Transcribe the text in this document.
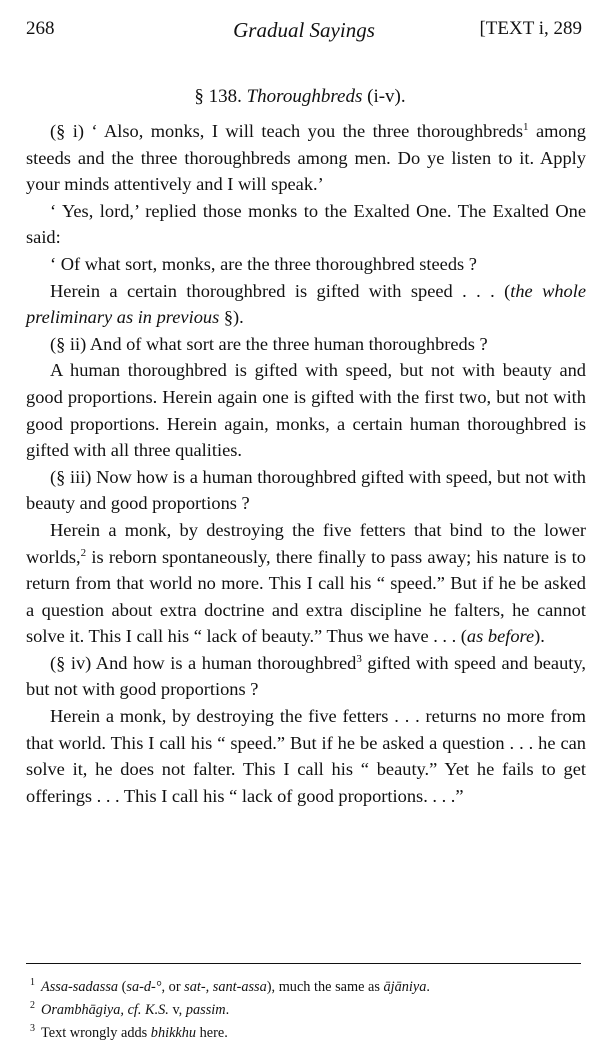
268	Gradual Sayings	[TEXT i, 289
§ 138. Thoroughbreds (i-v).

(§ i) ‘ Also, monks, I will teach you the three thoroughbreds$^1$ among steeds and the three thoroughbreds among men. Do ye listen to it. Apply your minds attentively and I will speak.’

‘ Yes, lord,’ replied those monks to the Exalted One. The Exalted One said:

‘ Of what sort, monks, are the three thoroughbred steeds ?

Herein a certain thoroughbred is gifted with speed . . . (the whole preliminary as in previous §).

(§ ii) And of what sort are the three human thoroughbreds ?

A human thoroughbred is gifted with speed, but not with beauty and good proportions. Herein again one is gifted with the first two, but not with good proportions. Herein again, monks, a certain human thoroughbred is gifted with all three qualities.

(§ iii) Now how is a human thoroughbred gifted with speed, but not with beauty and good proportions ?

Herein a monk, by destroying the five fetters that bind to the lower worlds,$^2$ is reborn spontaneously, there finally to pass away; his nature is to return from that world no more. This I call his “ speed.” But if he be asked a question about extra doctrine and extra discipline he falters, he cannot solve it. This I call his “ lack of beauty.” Thus we have . . . (as before).

(§ iv) And how is a human thoroughbred$^3$ gifted with speed and beauty, but not with good proportions ?

Herein a monk, by destroying the five fetters . . . returns no more from that world. This I call his “ speed.” But if he be asked a question . . . he can solve it, he does not falter. This I call his “ beauty.” Yet he fails to get offerings . . . This I call his “ lack of good proportions. . . .”

$^1$ Assa-sadassa (sa-d-°, or sat-, sant-assa), much the same as ājāniya.

$^2$ Orambhāgiya, cf. K.S. v, passim.

$^3$ Text wrongly adds bhikkhu here.
